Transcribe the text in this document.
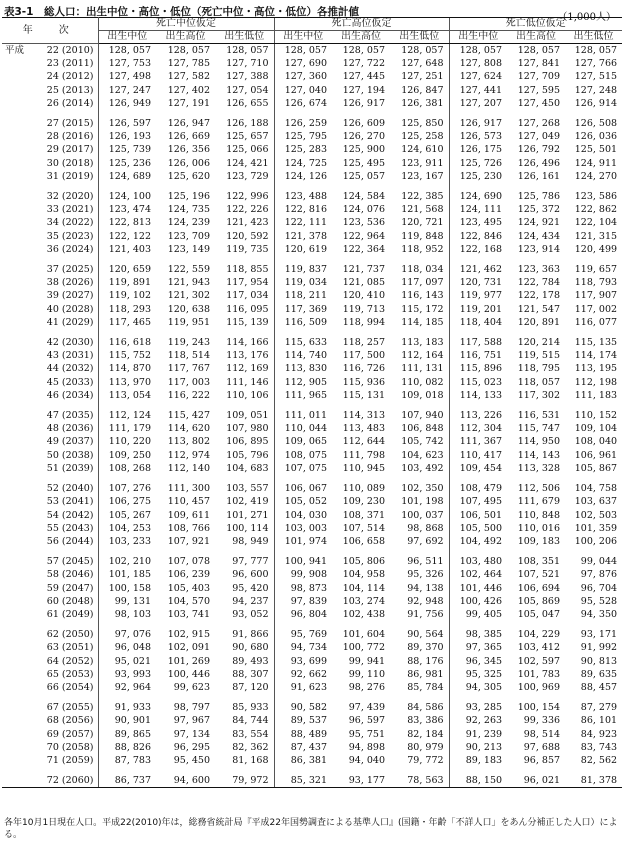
表3-1　総人口：出生中位・高位・低位（死亡中位・高位・低位）各推計値	（1,000人）
年　次		死亡中位仮定			死亡高位仮定			死亡低位仮定		
		出生中位	出生高位	出生低位	出生中位	出生高位	出生低位	出生中位	出生高位	出生低位
平成	22 (2010)	128, 057	128, 057	128, 057	128, 057	128, 057	128, 057	128, 057	128, 057	128, 057
	23 (2011)	127, 753	127, 785	127, 710	127, 690	127, 722	127, 648	127, 808	127, 841	127, 766
	24 (2012)	127, 498	127, 582	127, 388	127, 360	127, 445	127, 251	127, 624	127, 709	127, 515
	25 (2013)	127, 247	127, 402	127, 054	127, 040	127, 194	126, 847	127, 441	127, 595	127, 248
	26 (2014)	126, 949	127, 191	126, 655	126, 674	126, 917	126, 381	127, 207	127, 450	126, 914

	27 (2015)	126, 597	126, 947	126, 188	126, 259	126, 609	125, 850	126, 917	127, 268	126, 508
	28 (2016)	126, 193	126, 669	125, 657	125, 795	126, 270	125, 258	126, 573	127, 049	126, 036
	29 (2017)	125, 739	126, 356	125, 066	125, 283	125, 900	124, 610	126, 175	126, 792	125, 501
	30 (2018)	125, 236	126, 006	124, 421	124, 725	125, 495	123, 911	125, 726	126, 496	124, 911
	31 (2019)	124, 689	125, 620	123, 729	124, 126	125, 057	123, 167	125, 230	126, 161	124, 270

	32 (2020)	124, 100	125, 196	122, 996	123, 488	124, 584	122, 385	124, 690	125, 786	123, 586
	33 (2021)	123, 474	124, 735	122, 226	122, 816	124, 076	121, 568	124, 111	125, 372	122, 862
	34 (2022)	122, 813	124, 239	121, 423	122, 111	123, 536	120, 721	123, 495	124, 921	122, 104
	35 (2023)	122, 122	123, 709	120, 592	121, 378	122, 964	119, 848	122, 846	124, 434	121, 315
	36 (2024)	121, 403	123, 149	119, 735	120, 619	122, 364	118, 952	122, 168	123, 914	120, 499

	37 (2025)	120, 659	122, 559	118, 855	119, 837	121, 737	118, 034	121, 462	123, 363	119, 657
	38 (2026)	119, 891	121, 943	117, 954	119, 034	121, 085	117, 097	120, 731	122, 784	118, 793
	39 (2027)	119, 102	121, 302	117, 034	118, 211	120, 410	116, 143	119, 977	122, 178	117, 907
	40 (2028)	118, 293	120, 638	116, 095	117, 369	119, 713	115, 172	119, 201	121, 547	117, 002
	41 (2029)	117, 465	119, 951	115, 139	116, 509	118, 994	114, 185	118, 404	120, 891	116, 077

	42 (2030)	116, 618	119, 243	114, 166	115, 633	118, 257	113, 183	117, 588	120, 214	115, 135
	43 (2031)	115, 752	118, 514	113, 176	114, 740	117, 500	112, 164	116, 751	119, 515	114, 174
	44 (2032)	114, 870	117, 767	112, 169	113, 830	116, 726	111, 131	115, 896	118, 795	113, 195
	45 (2033)	113, 970	117, 003	111, 146	112, 905	115, 936	110, 082	115, 023	118, 057	112, 198
	46 (2034)	113, 054	116, 222	110, 106	111, 965	115, 131	109, 018	114, 133	117, 302	111, 183

	47 (2035)	112, 124	115, 427	109, 051	111, 011	114, 313	107, 940	113, 226	116, 531	110, 152
	48 (2036)	111, 179	114, 620	107, 980	110, 044	113, 483	106, 848	112, 304	115, 747	109, 104
	49 (2037)	110, 220	113, 802	106, 895	109, 065	112, 644	105, 742	111, 367	114, 950	108, 040
	50 (2038)	109, 250	112, 974	105, 796	108, 075	111, 798	104, 623	110, 417	114, 143	106, 961
	51 (2039)	108, 268	112, 140	104, 683	107, 075	110, 945	103, 492	109, 454	113, 328	105, 867

	52 (2040)	107, 276	111, 300	103, 557	106, 067	110, 089	102, 350	108, 479	112, 506	104, 758
	53 (2041)	106, 275	110, 457	102, 419	105, 052	109, 230	101, 198	107, 495	111, 679	103, 637
	54 (2042)	105, 267	109, 611	101, 271	104, 030	108, 371	100, 037	106, 501	110, 848	102, 503
	55 (2043)	104, 253	108, 766	100, 114	103, 003	107, 514	98, 868	105, 500	110, 016	101, 359
	56 (2044)	103, 233	107, 921	98, 949	101, 974	106, 658	97, 692	104, 492	109, 183	100, 206

	57 (2045)	102, 210	107, 078	97, 777	100, 941	105, 806	96, 511	103, 480	108, 351	99, 044
	58 (2046)	101, 185	106, 239	96, 600	99, 908	104, 958	95, 326	102, 464	107, 521	97, 876
	59 (2047)	100, 158	105, 403	95, 420	98, 873	104, 114	94, 138	101, 446	106, 694	96, 704
	60 (2048)	99, 131	104, 570	94, 237	97, 839	103, 274	92, 948	100, 426	105, 869	95, 528
	61 (2049)	98, 103	103, 741	93, 052	96, 804	102, 438	91, 756	99, 405	105, 047	94, 350

	62 (2050)	97, 076	102, 915	91, 866	95, 769	101, 604	90, 564	98, 385	104, 229	93, 171
	63 (2051)	96, 048	102, 091	90, 680	94, 734	100, 772	89, 370	97, 365	103, 412	91, 992
	64 (2052)	95, 021	101, 269	89, 493	93, 699	99, 941	88, 176	96, 345	102, 597	90, 813
	65 (2053)	93, 993	100, 446	88, 307	92, 662	99, 110	86, 981	95, 325	101, 783	89, 635
	66 (2054)	92, 964	99, 623	87, 120	91, 623	98, 276	85, 784	94, 305	100, 969	88, 457

	67 (2055)	91, 933	98, 797	85, 933	90, 582	97, 439	84, 586	93, 285	100, 154	87, 279
	68 (2056)	90, 901	97, 967	84, 744	89, 537	96, 597	83, 386	92, 263	99, 336	86, 101
	69 (2057)	89, 865	97, 134	83, 554	88, 489	95, 751	82, 184	91, 239	98, 514	84, 923
	70 (2058)	88, 826	96, 295	82, 362	87, 437	94, 898	80, 979	90, 213	97, 688	83, 743
	71 (2059)	87, 783	95, 450	81, 168	86, 381	94, 040	79, 772	89, 183	96, 857	82, 562

	72 (2060)	86, 737	94, 600	79, 972	85, 321	93, 177	78, 563	88, 150	96, 021	81, 378
各年10月1日現在人口。平成22(2010)年は，総務省統計局『平成22年国勢調査による基準人口』(国籍・年齢「不詳人口」をあん分補正した人口）による。
